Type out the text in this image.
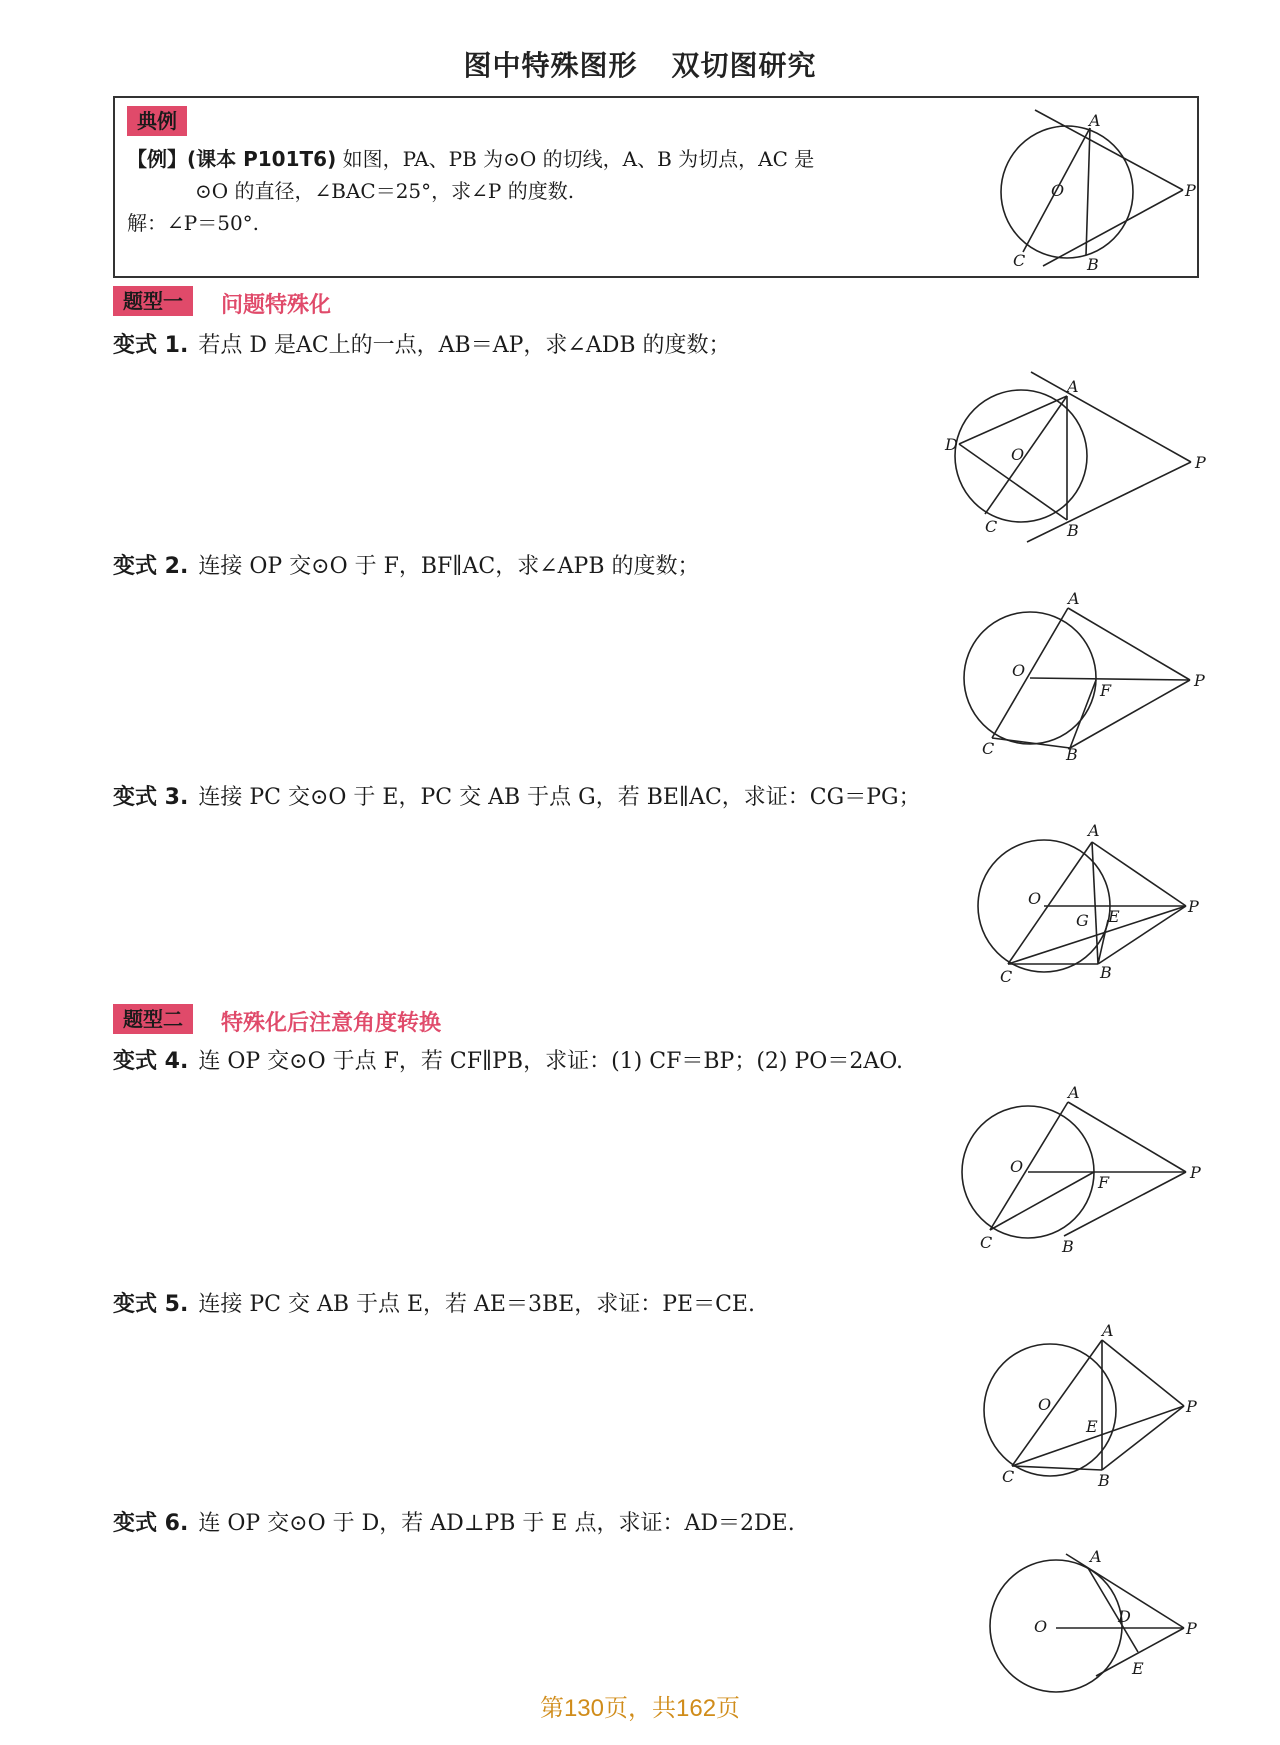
图中特殊图形 双切图研究
典例
【例】(课本 P101T6) 如图，PA、PB 为⊙O 的切线，A、B 为切点，AC 是
⊙O 的直径，∠BAC＝25°，求∠P 的度数.
解：∠P＝50°.
A
O	P
C	B
题型一 问题特殊化
变式 1. 若点 D 是AC上的一点，AB＝AP，求∠ADB 的度数；
A
D
O	P
C	B
变式 2. 连接 OP 交⊙O 于 F，BF∥AC，求∠APB 的度数；
A
O
F
P
C	B
变式 3. 连接 PC 交⊙O 于 E，PC 交 AB 于点 G，若 BE∥AC，求证：CG＝PG；
A
O
G E
P
C	B
题型二 特殊化后注意角度转换
变式 4. 连 OP 交⊙O 于点 F，若 CF∥PB，求证：(1) CF＝BP；(2) PO＝2AO.
A
O
F
P
C	B
变式 5. 连接 PC 交 AB 于点 E，若 AE＝3BE，求证：PE＝CE.
A
O
E
P
C	B
变式 6. 连 OP 交⊙O 于 D，若 AD⊥PB 于 E 点，求证：AD＝2DE.
A
O
D
P
E
第130页，共162页
